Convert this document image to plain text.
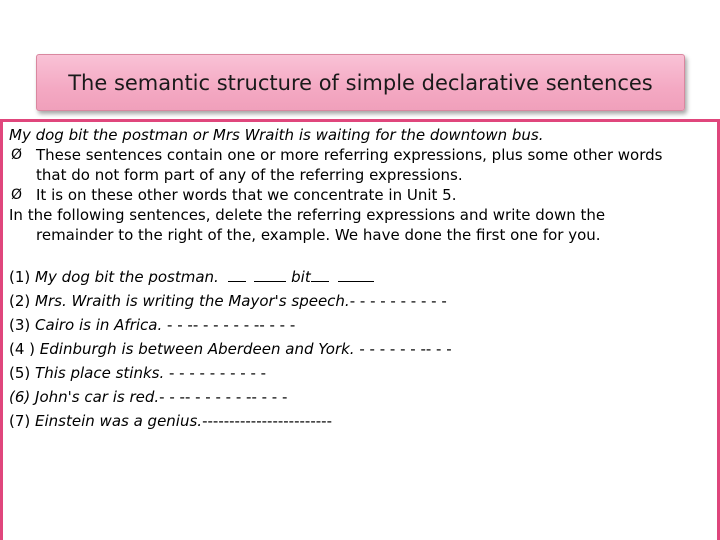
The semantic structure of simple declarative sentences
My dog bit the postman or Mrs Wraith is waiting for the downtown bus.
Ø These sentences contain one or more referring expressions, plus some other words
that do not form part of any of the referring expressions.
Ø It is on these other words that we concentrate in Unit 5.
In the following sentences, delete the referring expressions and write down the
remainder to the right of the, example. We have done the first one for you.
(1) My dog bit the postman.	bit
(2) Mrs. Wraith is writing the Mayor's speech.- - - - - - - - - -
(3) Cairo is in Africa. - - -- - - - - - -- - - -
(4 ) Edinburgh is between Aberdeen and York. - - - - - - -- - -
(5) This place stinks. - - - - - - - - - -
(6) John's car is red.- - -- - - - - - -- - - -
(7) Einstein was a genius.------------------------
